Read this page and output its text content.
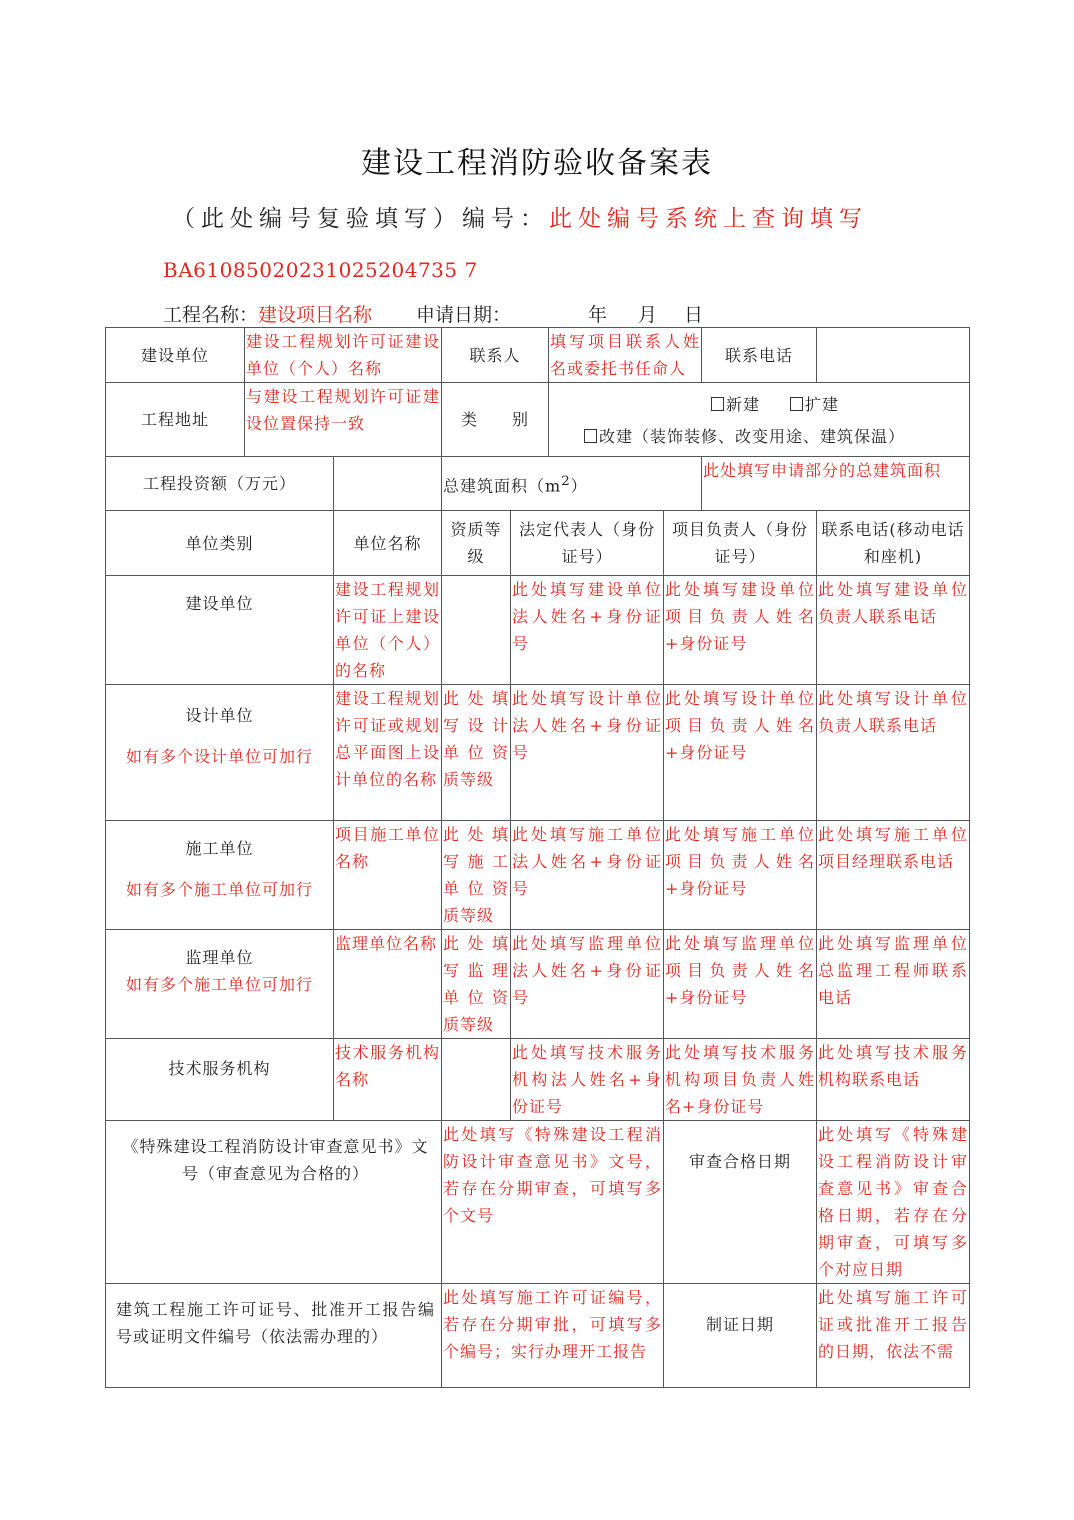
建设工程消防验收备案表
（此处编号复验填写）编号：此处编号系统上查询填写
BA61085020231025204735 7
工程名称：建设项目名称 申请日期：	年 月 日
建设单位	建设工程规划许可证建设单位（个人）名称		联系人		填写项目联系人姓名或委托书任命人		联系电话	
工程地址	与建设工程规划许可证建设位置保持一致		类　　别		新建 扩建
改建（装饰装修、改变用途、建筑保温）			

工程投资额（万元）			总建筑面积$(m^2)$				此处填写申请部分的总建筑面积	
单位类别		单位名称	资质等级	法定代表人（身份证号）		项目负责人（身份证号）		联系电话(移动电话和座机)

建设单位		建设工程规划许可证上建设单位（个人）的名称		此处填写建设单位法人姓名+身份证号		此处填写建设单位项目负责人姓名+身份证号		此处填写建设单位负责人联系电话

设计单位
如有多个设计单位可加行		建设工程规划许可证或规划总平面图上设计单位的名称	此处填写设计单位资质等级	此处填写设计单位法人姓名+身份证号		此处填写设计单位项目负责人姓名+身份证号		此处填写设计单位负责人联系电话

施工单位
如有多个施工单位可加行		项目施工单位名称	此处填写施工单位资质等级	此处填写施工单位法人姓名+身份证号		此处填写施工单位项目负责人姓名+身份证号		此处填写施工单位项目经理联系电话

监理单位
如有多个施工单位可加行		监理单位名称	此处填写监理单位资质等级	此处填写监理单位法人姓名+身份证号		此处填写监理单位项目负责人姓名+身份证号		此处填写监理单位总监理工程师联系电话

技术服务机构		技术服务机构名称		此处填写技术服务机构法人姓名+身份证号		此处填写技术服务机构项目负责人姓名+身份证号		此处填写技术服务机构联系电话
《特殊建设工程消防设计审查意见书》文号（审查意见为合格的）			此处填写《特殊建设工程消防设计审查意见书》文号，若存在分期审查，可填写多个文号			审查合格日期		此处填写《特殊建设工程消防设计审查意见书》审查合格日期，若存在分期审查，可填写多个对应日期
建筑工程施工许可证号、批准开工报告编号或证明文件编号（依法需办理的）			此处填写施工许可证编号，若存在分期审批，可填写多个编号；实行办理开工报告			制证日期		此处填写施工许可证或批准开工报告的日期，依法不需
